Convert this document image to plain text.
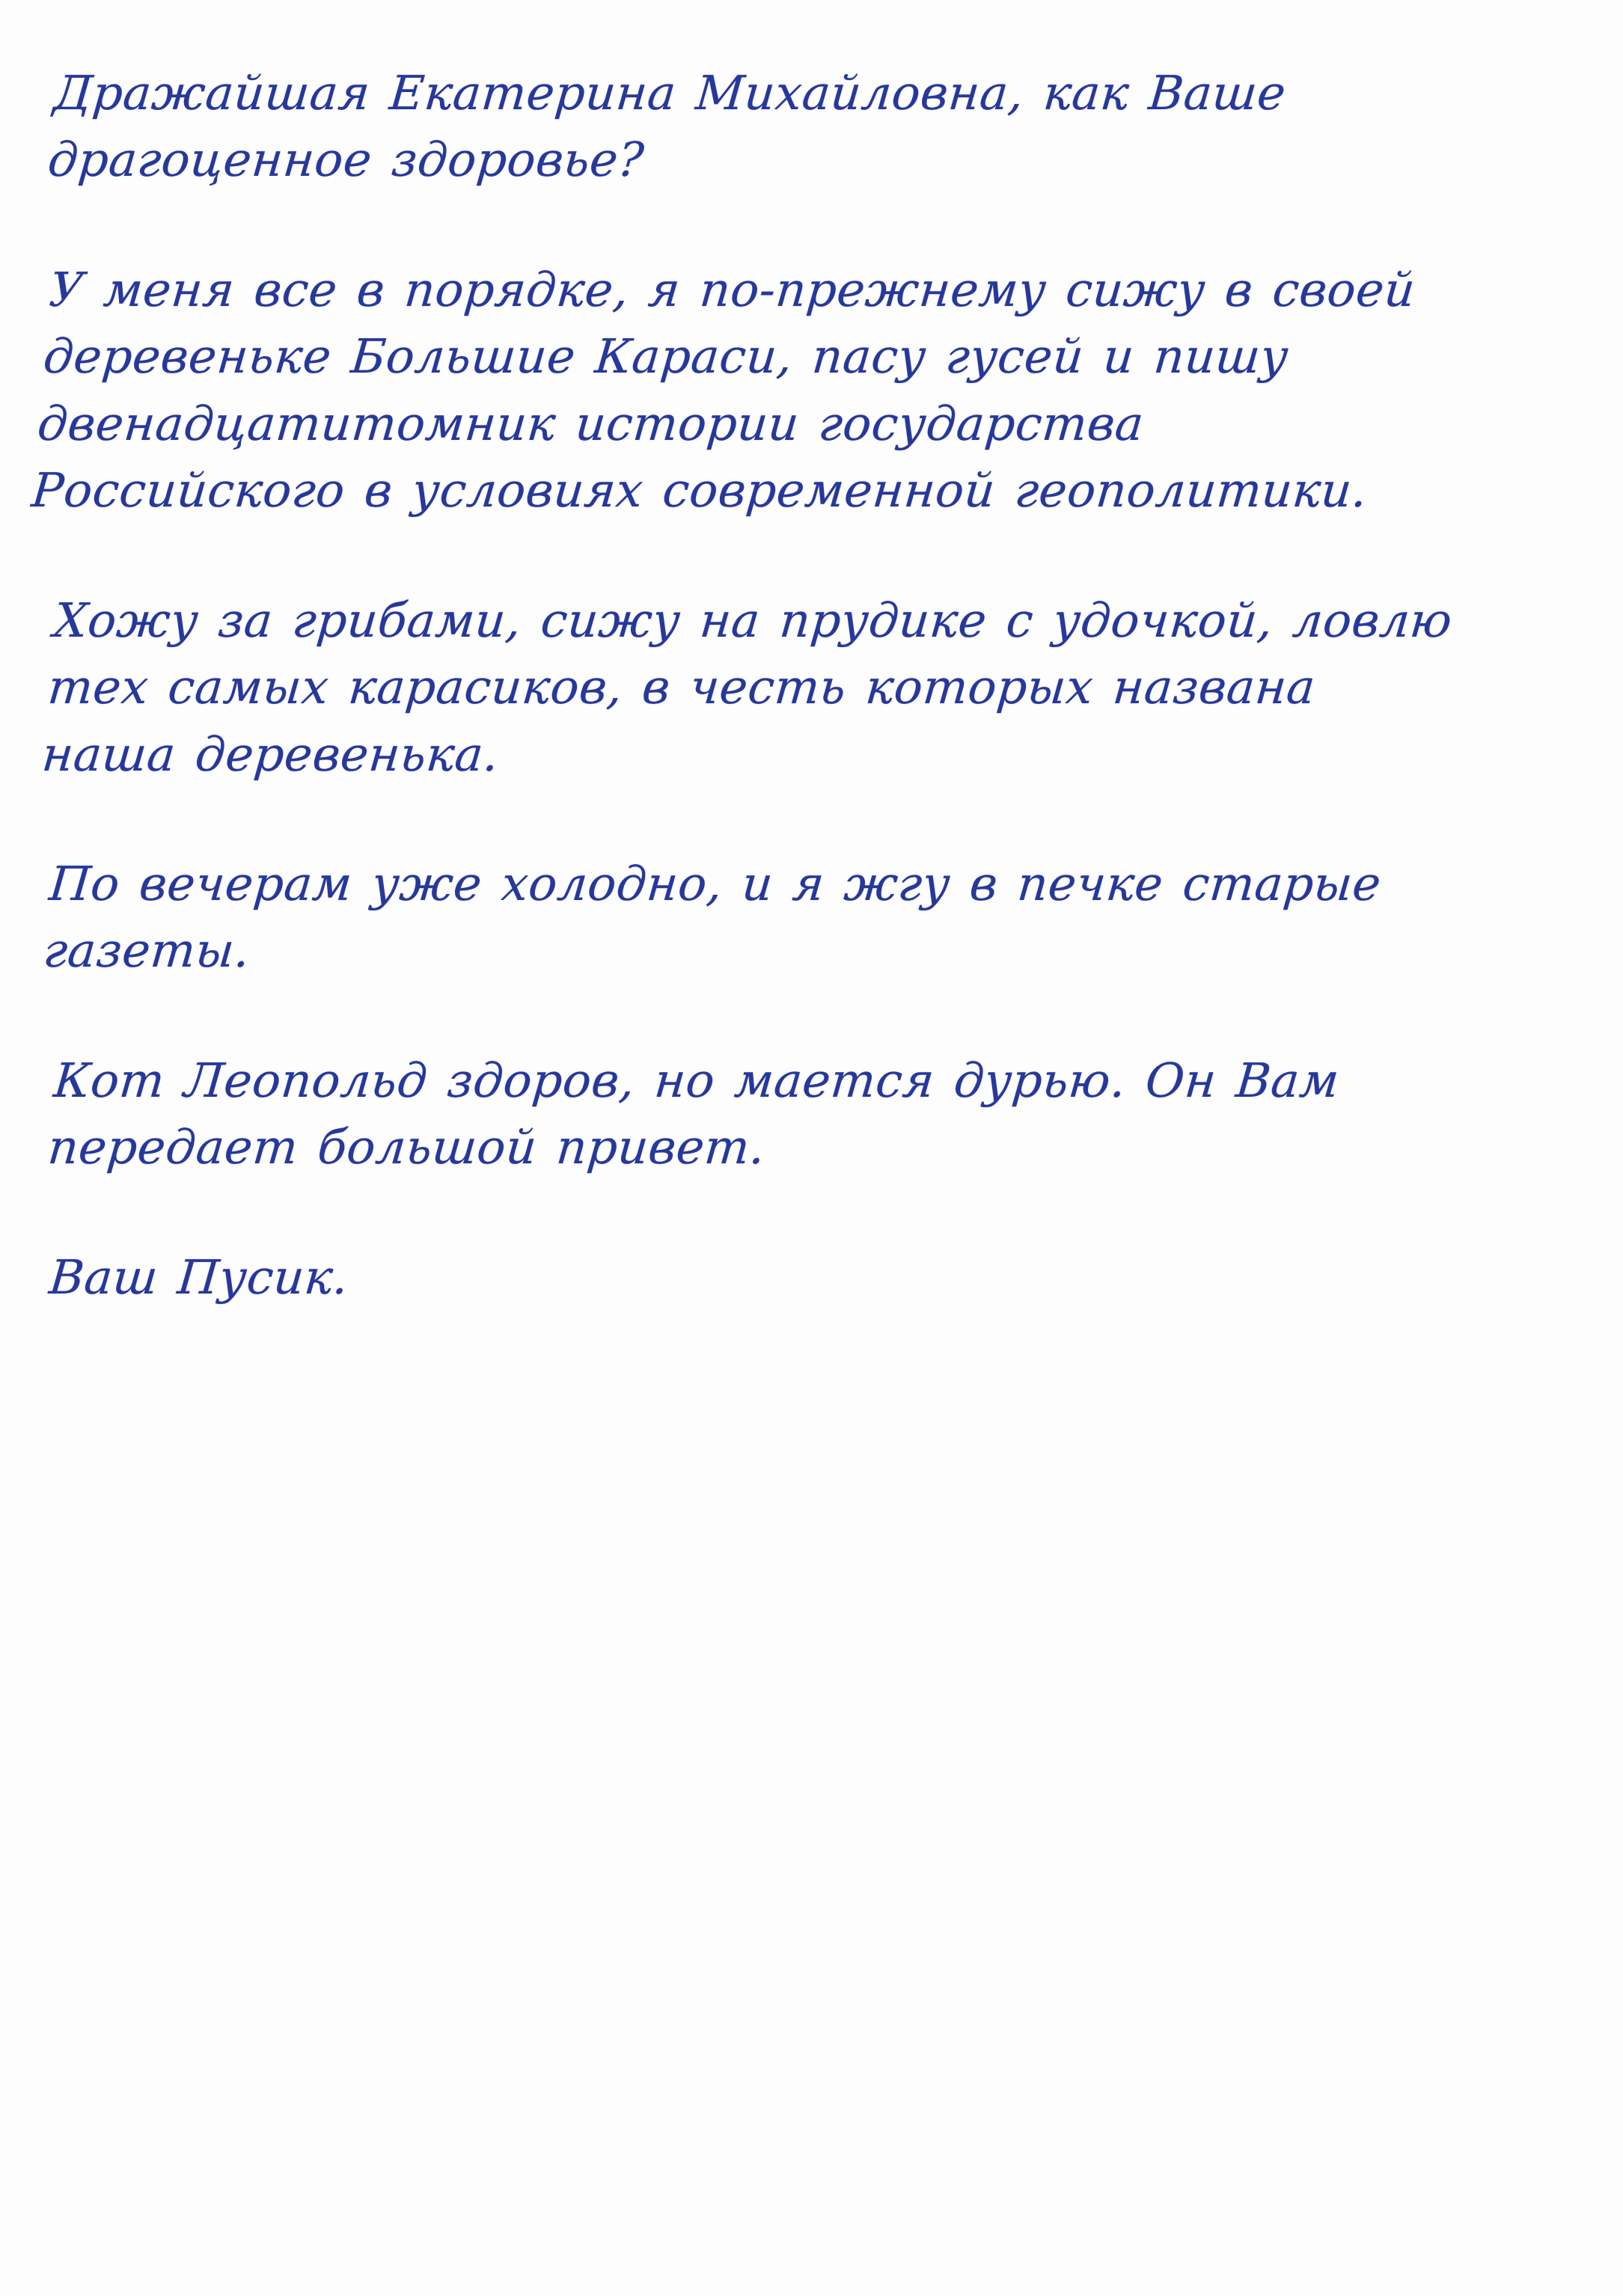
Дражайшая Екатерина Михайловна, как Ваше драгоценное здоровье?

У меня все в порядке, я по-прежнему сижу в своей деревеньке Большие Караси, пасу гусей и пишу двенадцатитомник истории государства Российского в условиях современной геополитики.

Хожу за грибами, сижу на прудике с удочкой, ловлю тех самых карасиков, в честь которых названа наша деревенька.

По вечерам уже холодно, и я жгу в печке старые газеты.

Кот Леопольд здоров, но мается дурью. Он Вам передает большой привет.

Ваш Пусик.
